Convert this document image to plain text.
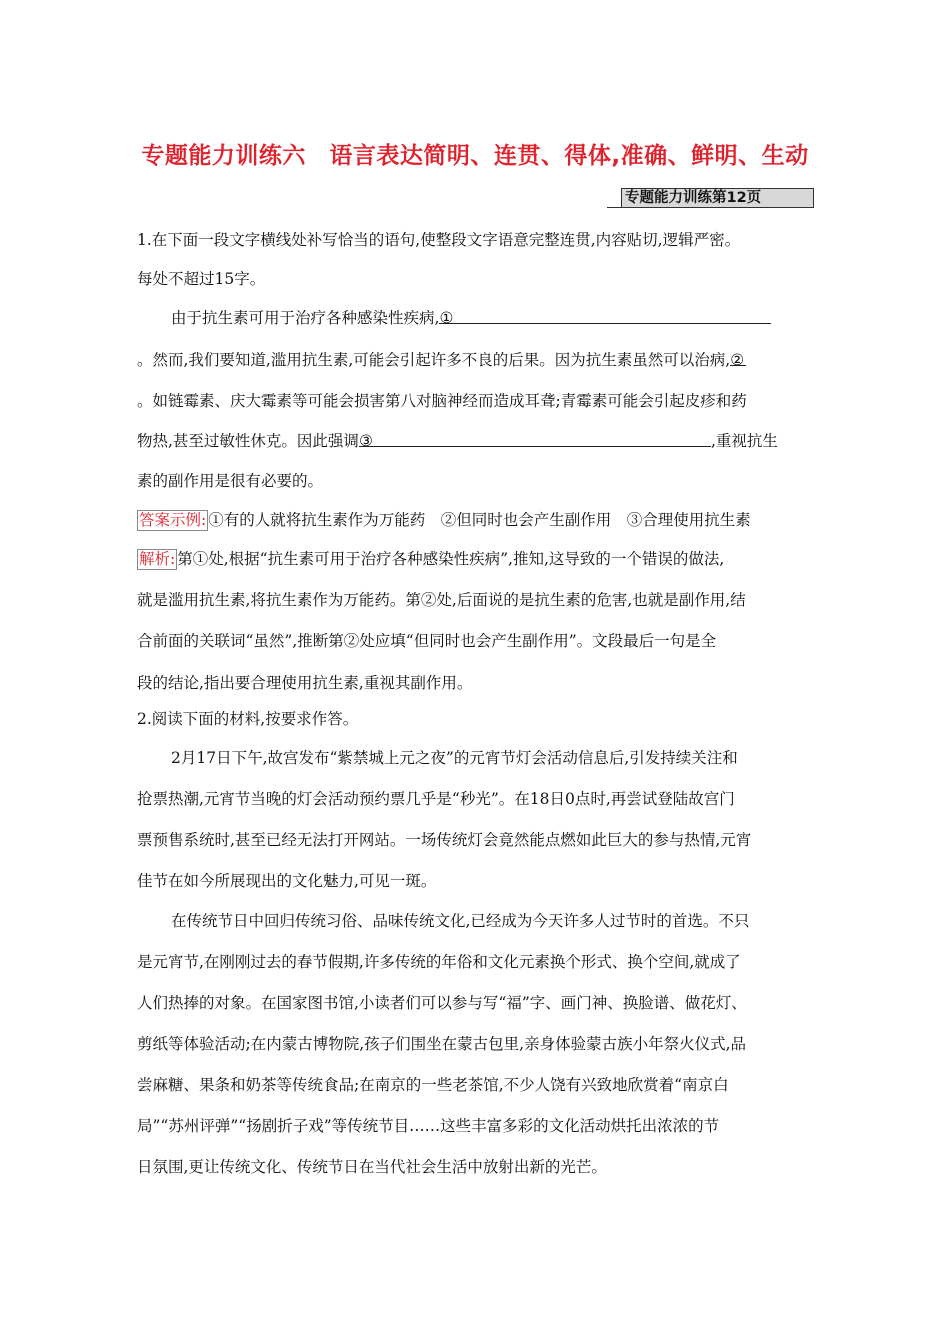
专题能力训练六　语言表达简明、连贯、得体,准确、鲜明、生动
专题能力训练第12页
1.在下面一段文字横线处补写恰当的语句,使整段文字语意完整连贯,内容贴切,逻辑严密。
每处不超过15字。
由于抗生素可用于治疗各种感染性疾病,①
。然而,我们要知道,滥用抗生素,可能会引起许多不良的后果。因为抗生素虽然可以治病,②
。如链霉素、庆大霉素等可能会损害第八对脑神经而造成耳聋;青霉素可能会引起皮疹和药
物热,甚至过敏性休克。因此强调③	,重视抗生
素的副作用是很有必要的。
答案示例: ①有的人就将抗生素作为万能药　②但同时也会产生副作用　③合理使用抗生素
解析: 第①处,根据“抗生素可用于治疗各种感染性疾病”,推知,这导致的一个错误的做法,
就是滥用抗生素,将抗生素作为万能药。第②处,后面说的是抗生素的危害,也就是副作用,结
合前面的关联词“虽然”,推断第②处应填“但同时也会产生副作用”。文段最后一句是全
段的结论,指出要合理使用抗生素,重视其副作用。
2.阅读下面的材料,按要求作答。
2月17日下午,故宫发布“紫禁城上元之夜”的元宵节灯会活动信息后,引发持续关注和
抢票热潮,元宵节当晚的灯会活动预约票几乎是“秒光”。在18日0点时,再尝试登陆故宫门
票预售系统时,甚至已经无法打开网站。一场传统灯会竟然能点燃如此巨大的参与热情,元宵
佳节在如今所展现出的文化魅力,可见一斑。
在传统节日中回归传统习俗、品味传统文化,已经成为今天许多人过节时的首选。不只
是元宵节,在刚刚过去的春节假期,许多传统的年俗和文化元素换个形式、换个空间,就成了
人们热捧的对象。在国家图书馆,小读者们可以参与写“福”字、画门神、换脸谱、做花灯、
剪纸等体验活动;在内蒙古博物院,孩子们围坐在蒙古包里,亲身体验蒙古族小年祭火仪式,品
尝麻糖、果条和奶茶等传统食品;在南京的一些老茶馆,不少人饶有兴致地欣赏着“南京白
局”“苏州评弹”“扬剧折子戏”等传统节目……这些丰富多彩的文化活动烘托出浓浓的节
日氛围,更让传统文化、传统节日在当代社会生活中放射出新的光芒。
